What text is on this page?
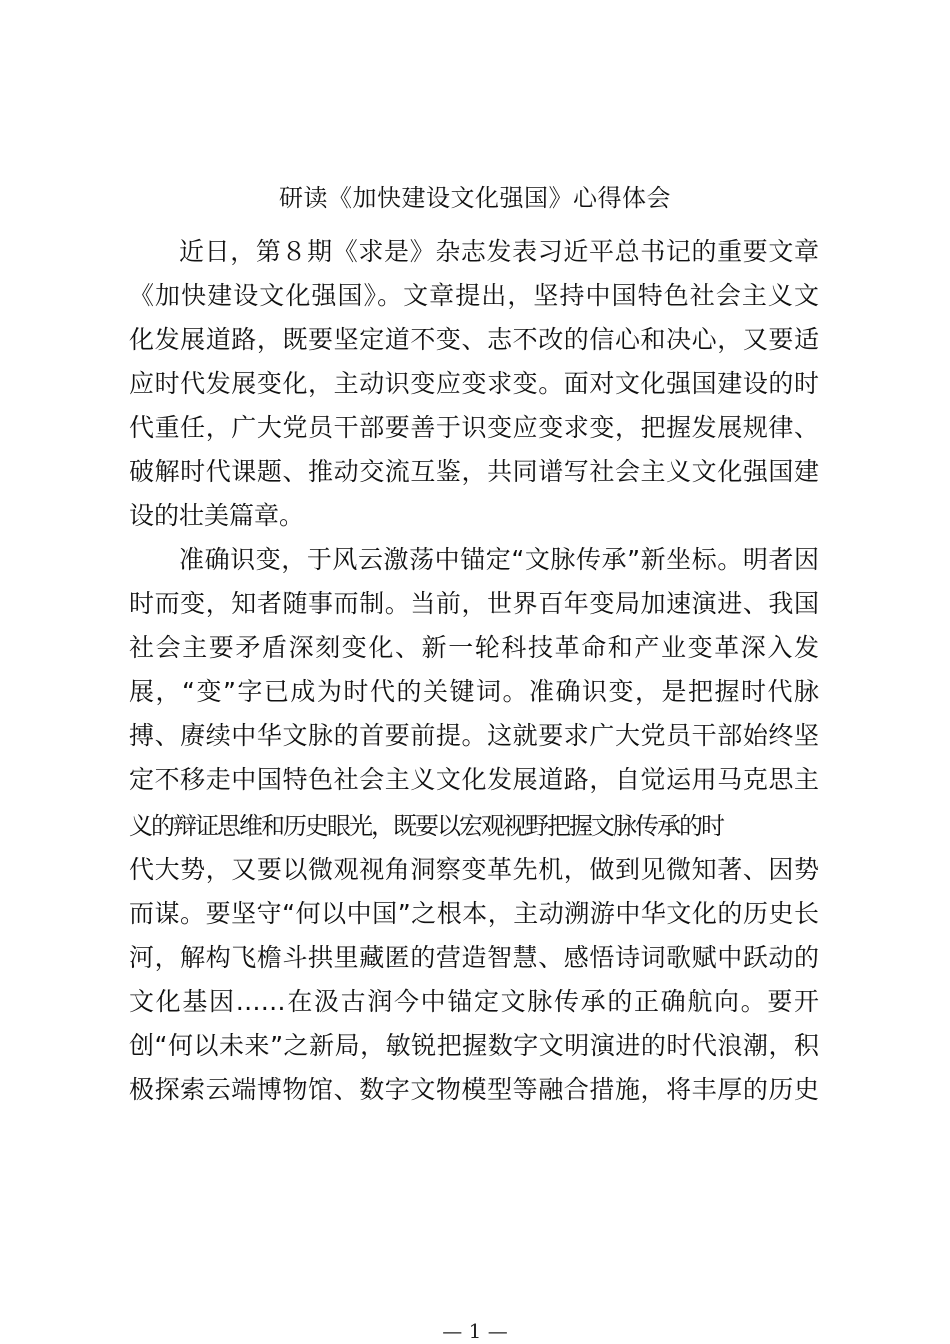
研读《加快建设文化强国》心得体会
近日，第８期《求是》杂志发表习近平总书记的重要文章
《加快建设文化强国》。文章提出，坚持中国特色社会主义文
化发展道路，既要坚定道不变、志不改的信心和决心，又要适
应时代发展变化，主动识变应变求变。面对文化强国建设的时
代重任，广大党员干部要善于识变应变求变，把握发展规律、
破解时代课题、推动交流互鉴，共同谱写社会主义文化强国建
设的壮美篇章。
准确识变，于风云激荡中锚定“文脉传承”新坐标。明者因
时而变，知者随事而制。当前，世界百年变局加速演进、我国
社会主要矛盾深刻变化、新一轮科技革命和产业变革深入发
展，“变”字已成为时代的关键词。准确识变，是把握时代脉
搏、赓续中华文脉的首要前提。这就要求广大党员干部始终坚
定不移走中国特色社会主义文化发展道路，自觉运用马克思主
义的辩证思维和历史眼光，既要以宏观视野把握文脉传承的时
代大势，又要以微观视角洞察变革先机，做到见微知著、因势
而谋。要坚守“何以中国”之根本，主动溯游中华文化的历史长
河，解构飞檐斗拱里藏匿的营造智慧、感悟诗词歌赋中跃动的
文化基因……在汲古润今中锚定文脉传承的正确航向。要开
创“何以未来”之新局，敏锐把握数字文明演进的时代浪潮，积
极探索云端博物馆、数字文物模型等融合措施，将丰厚的历史
— 1 —
